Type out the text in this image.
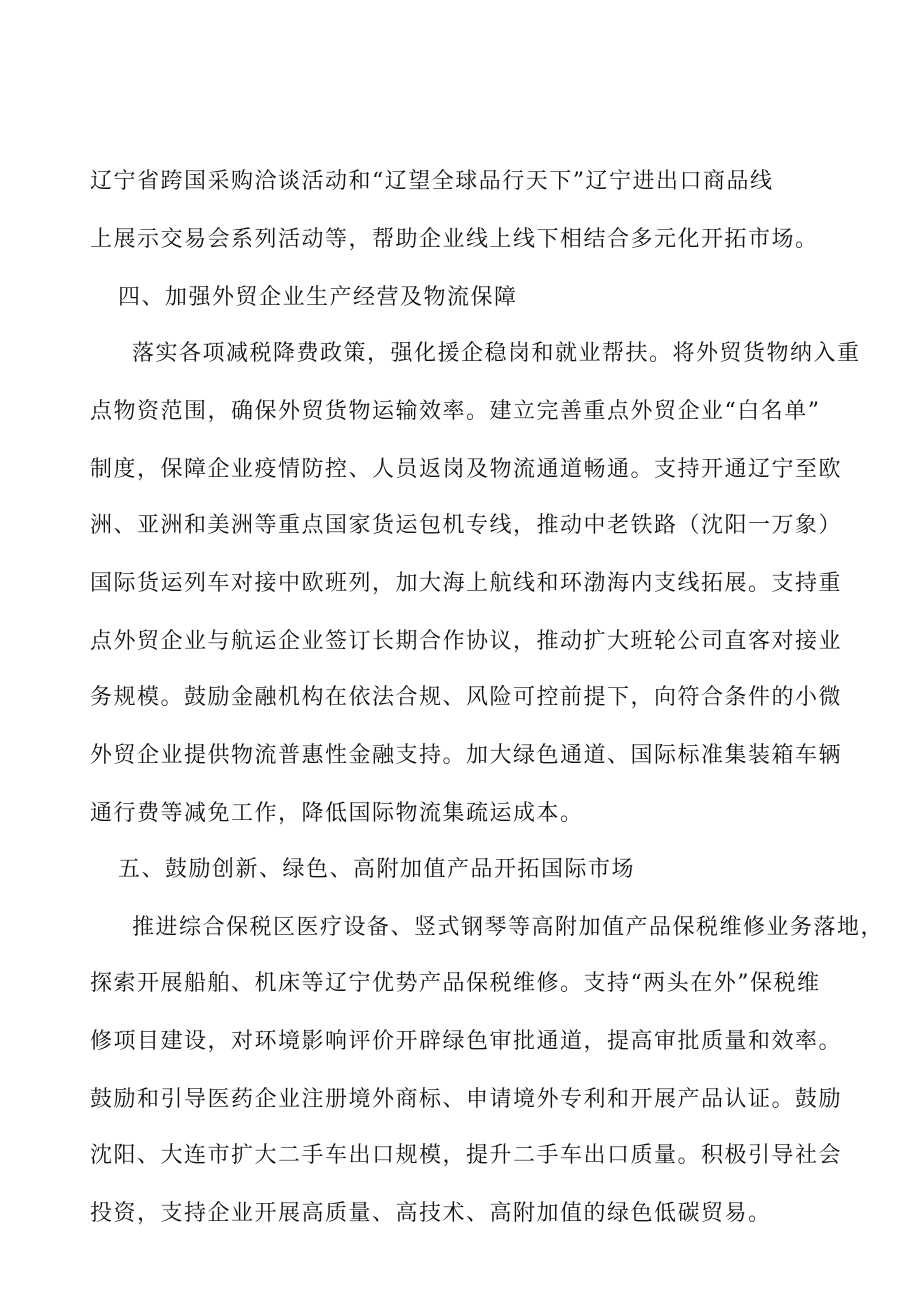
辽宁省跨国采购洽谈活动和“辽望全球品行天下”辽宁进出口商品线
上展示交易会系列活动等，帮助企业线上线下相结合多元化开拓市场。
四、加强外贸企业生产经营及物流保障
落实各项减税降费政策，强化援企稳岗和就业帮扶。将外贸货物纳入重
点物资范围，确保外贸货物运输效率。建立完善重点外贸企业“白名单”
制度，保障企业疫情防控、人员返岗及物流通道畅通。支持开通辽宁至欧
洲、亚洲和美洲等重点国家货运包机专线，推动中老铁路（沈阳一万象）
国际货运列车对接中欧班列，加大海上航线和环渤海内支线拓展。支持重
点外贸企业与航运企业签订长期合作协议，推动扩大班轮公司直客对接业
务规模。鼓励金融机构在依法合规、风险可控前提下，向符合条件的小微
外贸企业提供物流普惠性金融支持。加大绿色通道、国际标准集装箱车辆
通行费等减免工作，降低国际物流集疏运成本。
五、鼓励创新、绿色、高附加值产品开拓国际市场
推进综合保税区医疗设备、竖式钢琴等高附加值产品保税维修业务落地，
探索开展船舶、机床等辽宁优势产品保税维修。支持“两头在外”保税维
修项目建设，对环境影响评价开辟绿色审批通道，提高审批质量和效率。
鼓励和引导医药企业注册境外商标、申请境外专利和开展产品认证。鼓励
沈阳、大连市扩大二手车出口规模，提升二手车出口质量。积极引导社会
投资，支持企业开展高质量、高技术、高附加值的绿色低碳贸易。
